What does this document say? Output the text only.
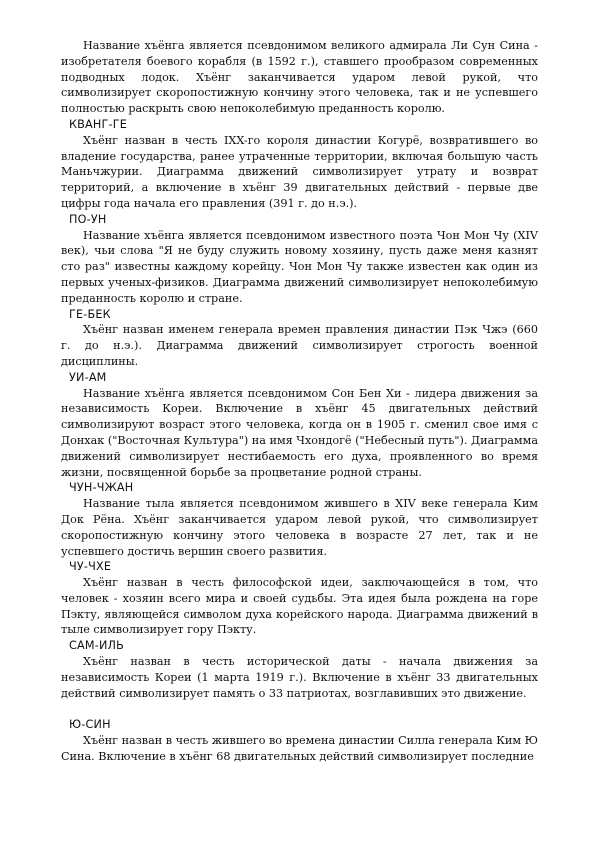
Название хъёнга является псевдонимом великого адмирала Ли Сун Сина - изобретателя боевого корабля (в 1592 г.), ставшего прообразом современных подводных лодок. Хъёнг заканчивается ударом левой рукой, что символизирует скоропостижную кончину этого человека, так и не успевшего полностью раскрыть свою непоколебимую преданность королю.

КВАНГ-ГЕ

Хъёнг назван в честь IXX-го короля династии Когурё, возвратившего во владение государства, ранее утраченные территории, включая большую часть Маньчжурии. Диаграмма движений символизирует утрату и возврат территорий, а включение в хъёнг 39 двигательных действий - первые две цифры года начала его правления (391 г. до н.э.).

ПО-УН

Название хъёнга является псевдонимом известного поэта Чон Мон Чу (XIV век), чьи слова "Я не буду служить новому хозяину, пусть даже меня казнят сто раз" известны каждому корейцу. Чон Мон Чу также известен как один из первых ученых-физиков. Диаграмма движений символизирует непоколебимую преданность королю и стране.

ГЕ-БЕК

Хъёнг назван именем генерала времен правления династии Пэк Чжэ (660 г. до н.э.). Диаграмма движений символизирует строгость военной дисциплины.

УИ-АМ

Название хъёнга является псевдонимом Сон Бен Хи - лидера движения за независимость Кореи. Включение в хъёнг 45 двигательных действий символизируют возраст этого человека, когда он в 1905 г. сменил свое имя с Донхак ("Восточная Культура") на имя Чхондогё ("Небесный путь"). Диаграмма движений символизирует нестибаемость его духа, проявленного во время жизни, посвященной борьбе за процветание родной страны.

ЧУН-ЧЖАН

Название тыла является псевдонимом жившего в XIV веке генерала Ким Док Рёна. Хъёнг заканчивается ударом левой рукой, что символизирует скоропостижную кончину этого человека в возрасте 27 лет, так и не успевшего достичь вершин своего развития.

ЧУ-ЧХЕ

Хъёнг назван в честь философской идеи, заключающейся в том, что человек - хозяин всего мира и своей судьбы. Эта идея была рождена на горе Пэкту, являющейся символом духа корейского народа. Диаграмма движений в тыле символизирует гору Пэкту.

САМ-ИЛЬ

Хъёнг назван в честь исторической даты - начала движения за независимость Кореи (1 марта 1919 г.). Включение в хъёнг 33 двигательных действий символизирует память о 33 патриотах, возглавивших это движение.

Ю-СИН

Хъёнг назван в честь жившего во времена династии Силла генерала Ким Ю Сина. Включение в хъёнг 68 двигательных действий символизирует последние
